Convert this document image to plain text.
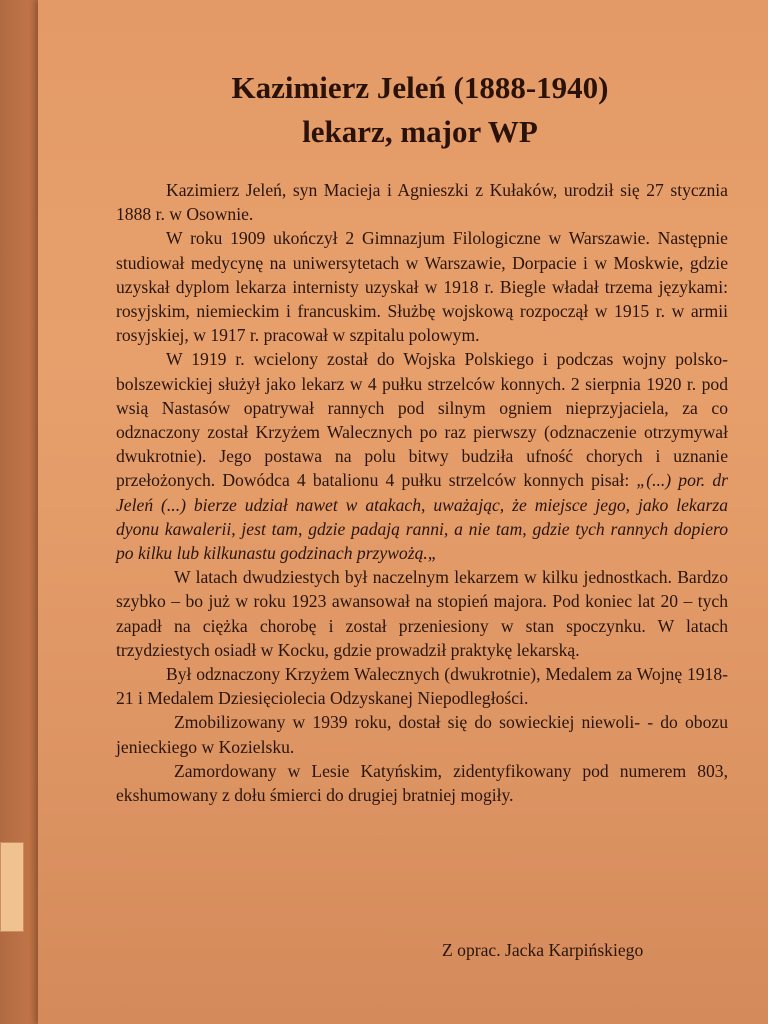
Kazimierz Jeleń (1888-1940)
lekarz, major WP

Kazimierz Jeleń, syn Macieja i Agnieszki z Kułaków, urodził się 27 stycznia 1888 r. w Osownie.

W roku 1909 ukończył 2 Gimnazjum Filologiczne w Warszawie. Następnie studiował medycynę na uniwersytetach w Warszawie, Dorpacie i w Moskwie, gdzie uzyskał dyplom lekarza internisty uzyskał w 1918 r. Biegle władał trzema językami: rosyjskim, niemieckim i francuskim. Służbę wojskową rozpoczął w 1915 r. w armii rosyjskiej, w 1917 r. pracował w szpitalu polowym.

W 1919 r. wcielony został do Wojska Polskiego i podczas wojny polsko-bolszewickiej służył jako lekarz w 4 pułku strzelców konnych. 2 sierpnia 1920 r. pod wsią Nastasów opatrywał rannych pod silnym ogniem nieprzyjaciela, za co odznaczony został Krzyżem Walecznych po raz pierwszy (odznaczenie otrzymywał dwukrotnie). Jego postawa na polu bitwy budziła ufność chorych i uznanie przełożonych. Dowódca 4 batalionu 4 pułku strzelców konnych pisał: „(...) por. dr Jeleń (...) bierze udział nawet w atakach, uważając, że miejsce jego, jako lekarza dyonu kawalerii, jest tam, gdzie padają ranni, a nie tam, gdzie tych rannych dopiero po kilku lub kilkunastu godzinach przywożą.„

W latach dwudziestych był naczelnym lekarzem w kilku jednostkach. Bardzo szybko – bo już w roku 1923 awansował na stopień majora. Pod koniec lat 20 – tych zapadł na ciężka chorobę i został przeniesiony w stan spoczynku. W latach trzydziestych osiadł w Kocku, gdzie prowadził praktykę lekarską.

Był odznaczony Krzyżem Walecznych (dwukrotnie), Medalem za Wojnę 1918-21 i Medalem Dziesięciolecia Odzyskanej Niepodległości.

Zmobilizowany w 1939 roku, dostał się do sowieckiej niewoli- - do obozu jenieckiego w Kozielsku.

Zamordowany w Lesie Katyńskim, zidentyfikowany pod numerem 803, ekshumowany z dołu śmierci do drugiej bratniej mogiły.

Z oprac. Jacka Karpińskiego
